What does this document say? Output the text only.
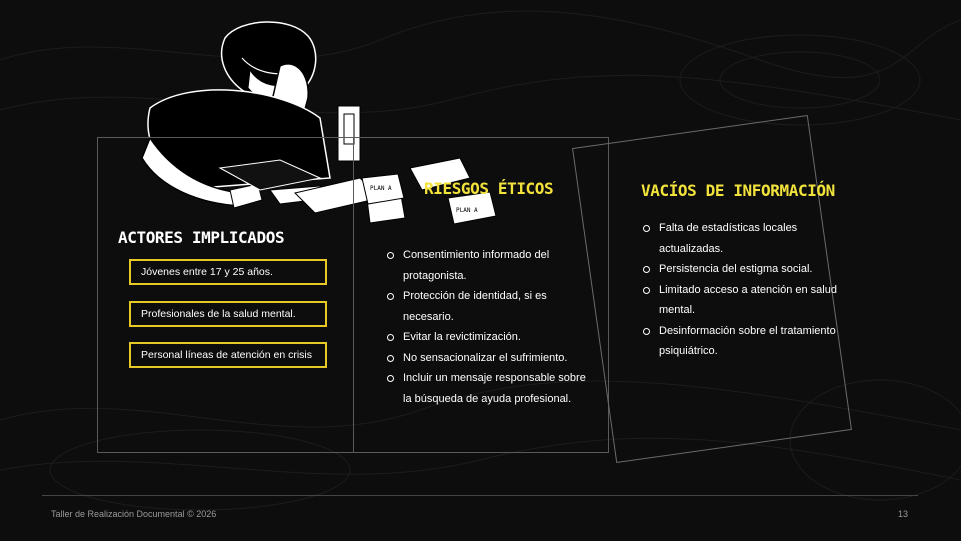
PLAN A
PLAN A
ACTORES IMPLICADOS
RIESGOS ÉTICOS	VACÍOS DE INFORMACIÓN
Jóvenes entre 17 y 25 años.
Profesionales de la salud mental.
Personal líneas de atención en crisis
Consentimiento informado del protagonista.
Protección de identidad, si es necesario.
Evitar la revictimización.
No sensacionalizar el sufrimiento.
Incluir un mensaje responsable sobre la búsqueda de ayuda profesional.
Falta de estadísticas locales actualizadas.
Persistencia del estigma social.
Limitado acceso a atención en salud mental.
Desinformación sobre el tratamiento psiquiátrico.
Taller de Realización Documental © 2026	13
